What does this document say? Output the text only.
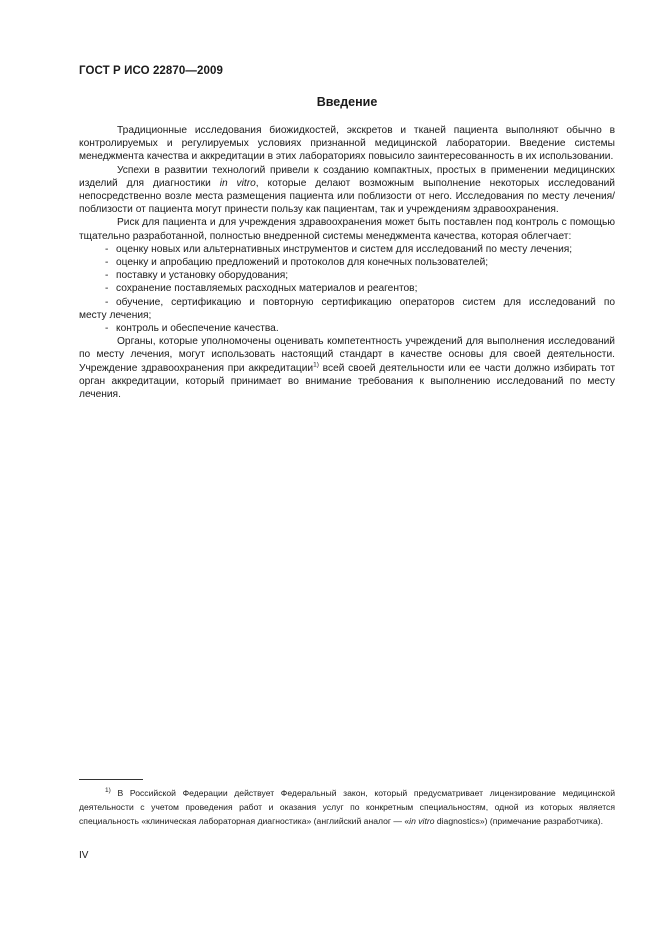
ГОСТ Р ИСО 22870—2009
Введение

Традиционные исследования биожидкостей, экскретов и тканей пациента выполняют обычно в контролируемых и регулируемых условиях признанной медицинской лаборатории. Введение системы менеджмента качества и аккредитации в этих лабораториях повысило заинтересованность в их использовании.

Успехи в развитии технологий привели к созданию компактных, простых в применении медицинских изделий для диагностики in vitro, которые делают возможным выполнение некоторых исследований непосредственно возле места размещения пациента или поблизости от него. Исследования по месту лечения/поблизости от пациента могут принести пользу как пациентам, так и учреждениям здравоохранения.

Риск для пациента и для учреждения здравоохранения может быть поставлен под контроль с помощью тщательно разработанной, полностью внедренной системы менеджмента качества, которая облегчает:

- оценку новых или альтернативных инструментов и систем для исследований по месту лечения;
- оценку и апробацию предложений и протоколов для конечных пользователей;
- поставку и установку оборудования;
- сохранение поставляемых расходных материалов и реагентов;
- обучение, сертификацию и повторную сертификацию операторов систем для исследований по
месту лечения;
- контроль и обеспечение качества.

Органы, которые уполномочены оценивать компетентность учреждений для выполнения исследований по месту лечения, могут использовать настоящий стандарт в качестве основы для своей деятельности. Учреждение здравоохранения при аккредитации$^{1)}$ всей своей деятельности или ее части должно избирать тот орган аккредитации, который принимает во внимание требования к выполнению исследований по месту лечения.

$^{1)}$ В Российской Федерации действует Федеральный закон, который предусматривает лицензирование медицинской деятельности с учетом проведения работ и оказания услуг по конкретным специальностям, одной из которых является специальность «клиническая лабораторная диагностика» (английский аналог — «in vitro diagnostics») (примечание разработчика).

IV
